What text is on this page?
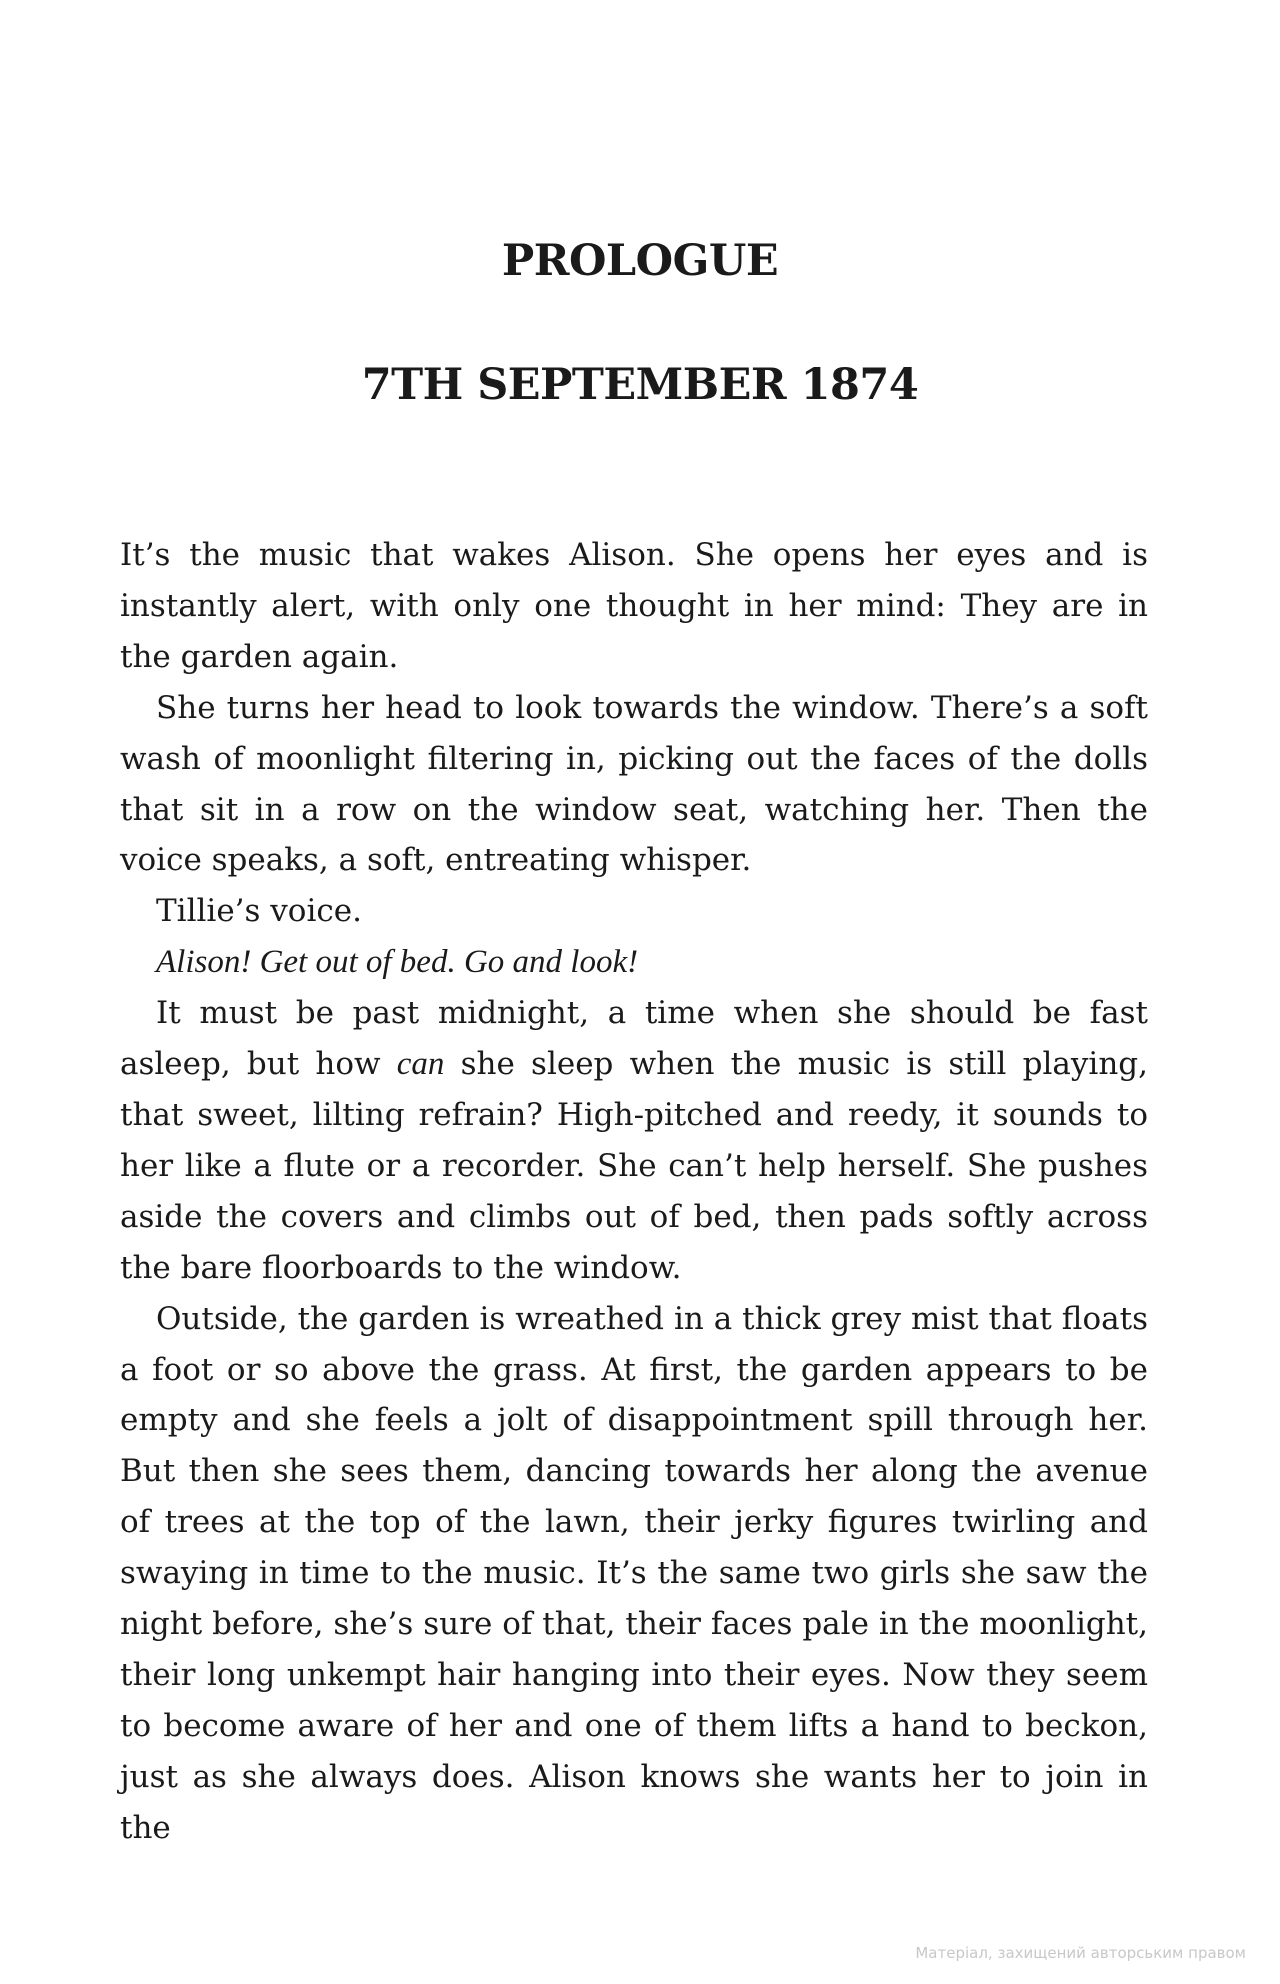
PROLOGUE
7TH SEPTEMBER 1874

It’s the music that wakes Alison. She opens her eyes and is instantly alert, with only one thought in her mind: They are in the garden again.

She turns her head to look towards the window. There’s a soft wash of moonlight filtering in, picking out the faces of the dolls that sit in a row on the window seat, watching her. Then the voice speaks, a soft, entreating whisper.

Tillie’s voice.

Alison! Get out of bed. Go and look!

It must be past midnight, a time when she should be fast asleep, but how can she sleep when the music is still playing, that sweet, lilting refrain? High-pitched and reedy, it sounds to her like a flute or a recorder. She can’t help herself. She pushes aside the covers and climbs out of bed, then pads softly across the bare floorboards to the window.

Outside, the garden is wreathed in a thick grey mist that floats a foot or so above the grass. At first, the garden appears to be empty and she feels a jolt of disappointment spill through her. But then she sees them, dancing towards her along the avenue of trees at the top of the lawn, their jerky figures twirling and swaying in time to the music. It’s the same two girls she saw the night before, she’s sure of that, their faces pale in the moonlight, their long unkempt hair hanging into their eyes. Now they seem to become aware of her and one of them lifts a hand to beckon, just as she always does. Alison knows she wants her to join in the

Матеріал, захищений авторським правом
